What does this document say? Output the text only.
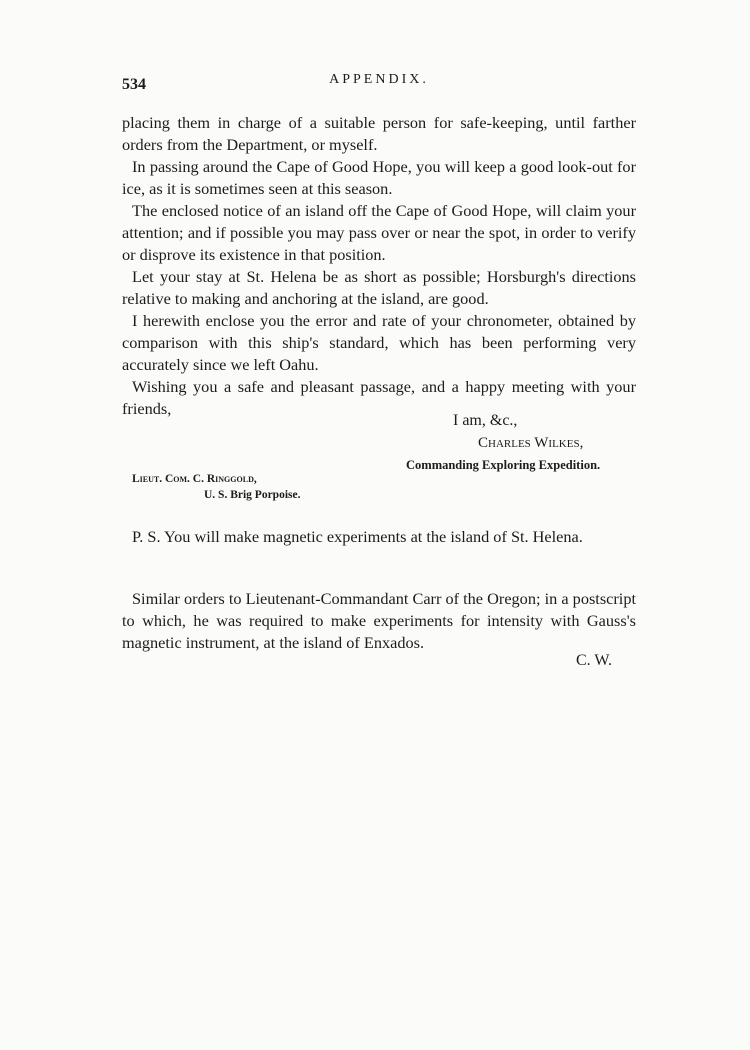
534	APPENDIX.

placing them in charge of a suitable person for safe-keeping, until farther orders from the Department, or myself.

In passing around the Cape of Good Hope, you will keep a good look-out for ice, as it is sometimes seen at this season.

The enclosed notice of an island off the Cape of Good Hope, will claim your attention; and if possible you may pass over or near the spot, in order to verify or disprove its existence in that position.

Let your stay at St. Helena be as short as possible; Horsburgh's directions relative to making and anchoring at the island, are good.

I herewith enclose you the error and rate of your chronometer, obtained by comparison with this ship's standard, which has been performing very accurately since we left Oahu.

Wishing you a safe and pleasant passage, and a happy meeting with your friends,

I am, &c.,
Charles Wilkes,
Commanding Exploring Expedition.
Lieut. Com. C. Ringgold,
U. S. Brig Porpoise.

P. S. You will make magnetic experiments at the island of St. Helena.

Similar orders to Lieutenant-Commandant Carr of the Oregon; in a postscript to which, he was required to make experiments for intensity with Gauss's magnetic instrument, at the island of Enxados.

C. W.
